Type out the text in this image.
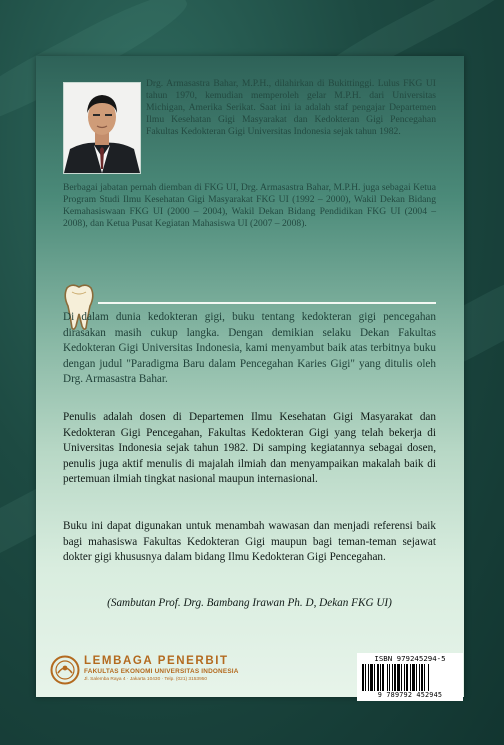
Drg. Armasastra Bahar, M.P.H., dilahirkan di Bukittinggi. Lulus FKG UI tahun 1970, kemudian memperoleh gelar M.P.H. dari Universitas Michigan, Amerika Serikat. Saat ini ia adalah staf pengajar Departemen Ilmu Kesehatan Gigi Masyarakat dan Kedokteran Gigi Pencegahan Fakultas Kedokteran Gigi Universitas Indonesia sejak tahun 1982.

Berbagai jabatan pernah diemban di FKG UI, Drg. Armasastra Bahar, M.P.H. juga sebagai Ketua Program Studi Ilmu Kesehatan Gigi Masyarakat FKG UI (1992 – 2000), Wakil Dekan Bidang Kemahasiswaan FKG UI (2000 – 2004), Wakil Dekan Bidang Pendidikan FKG UI (2004 – 2008), dan Ketua Pusat Kegiatan Mahasiswa UI (2007 – 2008).

Di dalam dunia kedokteran gigi, buku tentang kedokteran gigi pencegahan dirasakan masih cukup langka. Dengan demikian selaku Dekan Fakultas Kedokteran Gigi Universitas Indonesia, kami menyambut baik atas terbitnya buku dengan judul "Paradigma Baru dalam Pencegahan Karies Gigi" yang ditulis oleh Drg. Armasastra Bahar.

Penulis adalah dosen di Departemen Ilmu Kesehatan Gigi Masyarakat dan Kedokteran Gigi Pencegahan, Fakultas Kedokteran Gigi yang telah bekerja di Universitas Indonesia sejak tahun 1982. Di samping kegiatannya sebagai dosen, penulis juga aktif menulis di majalah ilmiah dan menyampaikan makalah baik di pertemuan ilmiah tingkat nasional maupun internasional.

Buku ini dapat digunakan untuk menambah wawasan dan menjadi referensi baik bagi mahasiswa Fakultas Kedokteran Gigi maupun bagi teman-teman sejawat dokter gigi khususnya dalam bidang Ilmu Kedokteran Gigi Pencegahan.

(Sambutan Prof. Drg. Bambang Irawan Ph. D, Dekan FKG UI)

LEMBAGA PENERBIT

FAKULTAS EKONOMI UNIVERSITAS INDONESIA

Jl. Salemba Raya 4 · Jakarta 10430 · Telp. (021) 3153950

ISBN 979245294-5

9 789792 452945
